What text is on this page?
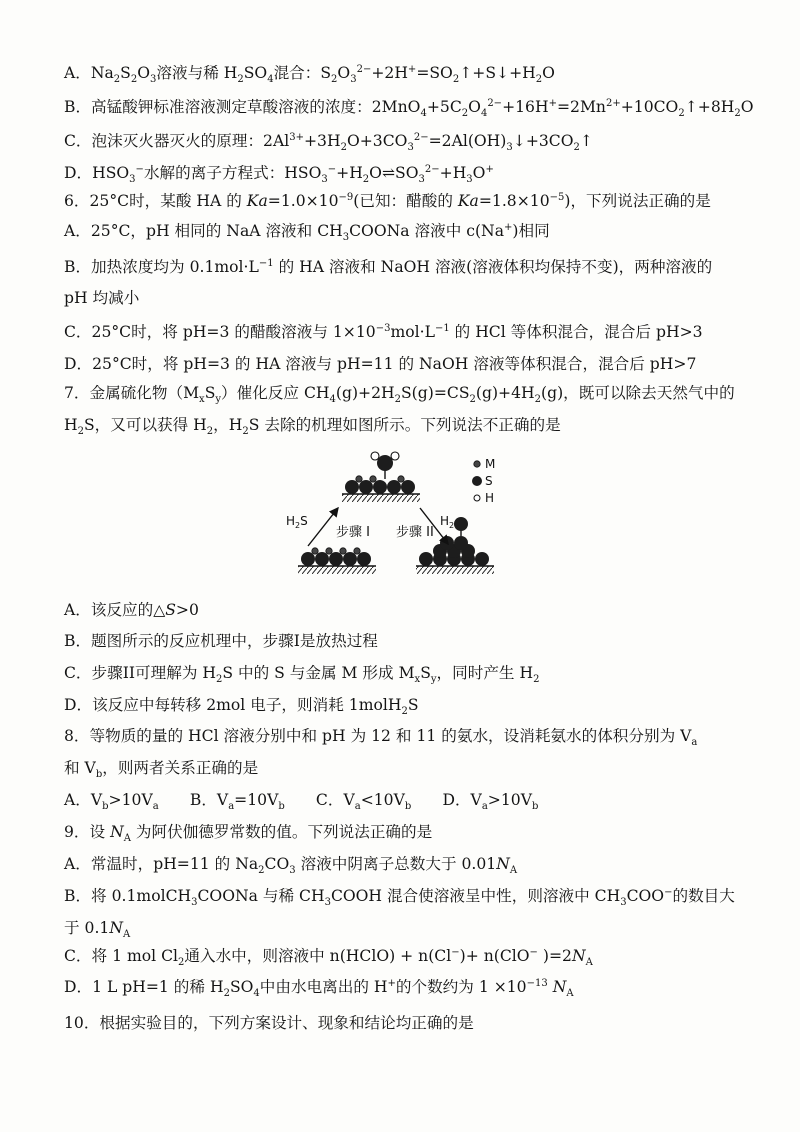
A．$Na_2S_2O_3$溶液与稀 $H_2SO_4$混合：$S_2O_3^{2-}+2H^+=SO_2↑+S↓+H_2O$
B．高锰酸钾标准溶液测定草酸溶液的浓度：$2MnO_4+5C_2O_4^{2-}+16H^+=2Mn^{2+}+10CO_2↑+8H_2O$
C．泡沫灭火器灭火的原理：$2Al^{3+}+3H_2O+3CO_3^{2-}=2Al(OH)_3↓+3CO_2↑$
D．$HSO_3^-$水解的离子方程式：$HSO_3^-+H_2O\rightleftharpoons SO_3^{2-}+H_3O^+$
6．25°C时，某酸 HA 的 $Ka=1.0\times 10^{-9}$(已知：醋酸的 $Ka=1.8\times 10^{-5}$)，下列说法正确的是
A．25°C，pH 相同的 NaA 溶液和 $CH_3COONa$ 溶液中 c(Na+)相同
B．加热浓度均为 $0.1mol\cdot L^{-1}$ 的 HA 溶液和 NaOH 溶液(溶液体积均保持不变)，两种溶液的
pH 均减小
C．25°C时，将 pH=3 的醋酸溶液与 $1\times 10^{-3}mol\cdot L^{-1}$ 的 HCl 等体积混合，混合后 pH>3
D．25°C时，将 pH=3 的 HA 溶液与 pH=11 的 NaOH 溶液等体积混合，混合后 pH>7
7．金属硫化物$(M_xS_y)$催化反应 $CH_4(g)+2H_2S(g)=CS_2(g)+4H_2(g)$，既可以除去天然气中的
$H_2S$，又可以获得 $H_2$，$H_2S$ 去除的机理如图所示。下列说法不正确的是
A．该反应的△S>0
B．题图所示的反应机理中，步骤I是放热过程
C．步骤II可理解为 $H_2S$ 中的 S 与金属 M 形成 $M_xS_y$，同时产生 $H_2$
D．该反应中每转移 2mol 电子，则消耗 1molH$_2$S
8．等物质的量的 HCl 溶液分别中和 pH 为 12 和 11 的氨水，设消耗氨水的体积分别为 $V_a$
和 $V_b$，则两者关系正确的是
A．$V_b>10V_a$　　B．$V_a=10V_b$　　C．$V_a<10V_b$　　D．$V_a>10V_b$
9．设 $N_A$ 为阿伏伽德罗常数的值。下列说法正确的是
A．常温时，pH=11 的 $Na_2CO_3$ 溶液中阴离子总数大于 $0.01N_A$
B．将 0.1molCH$_3$COONa 与稀 $CH_3COOH$ 混合使溶液呈中性，则溶液中 $CH_3COO^-$的数目大
于 $0.1N_A$
C．将 1 mol $Cl_2$通入水中，则溶液中 n(HClO) + n(Cl−)+ n(ClO− )$=2N_A$
D．1 L pH=1 的稀 $H_2SO_4$中由水电离出的 H+的个数约为 $1 \times 10^{-13}$ $N_A$
10．根据实验目的，下列方案设计、现象和结论均正确的是
$H_2S$	$H_2$
步骤 I 步骤 II
M
S
H
